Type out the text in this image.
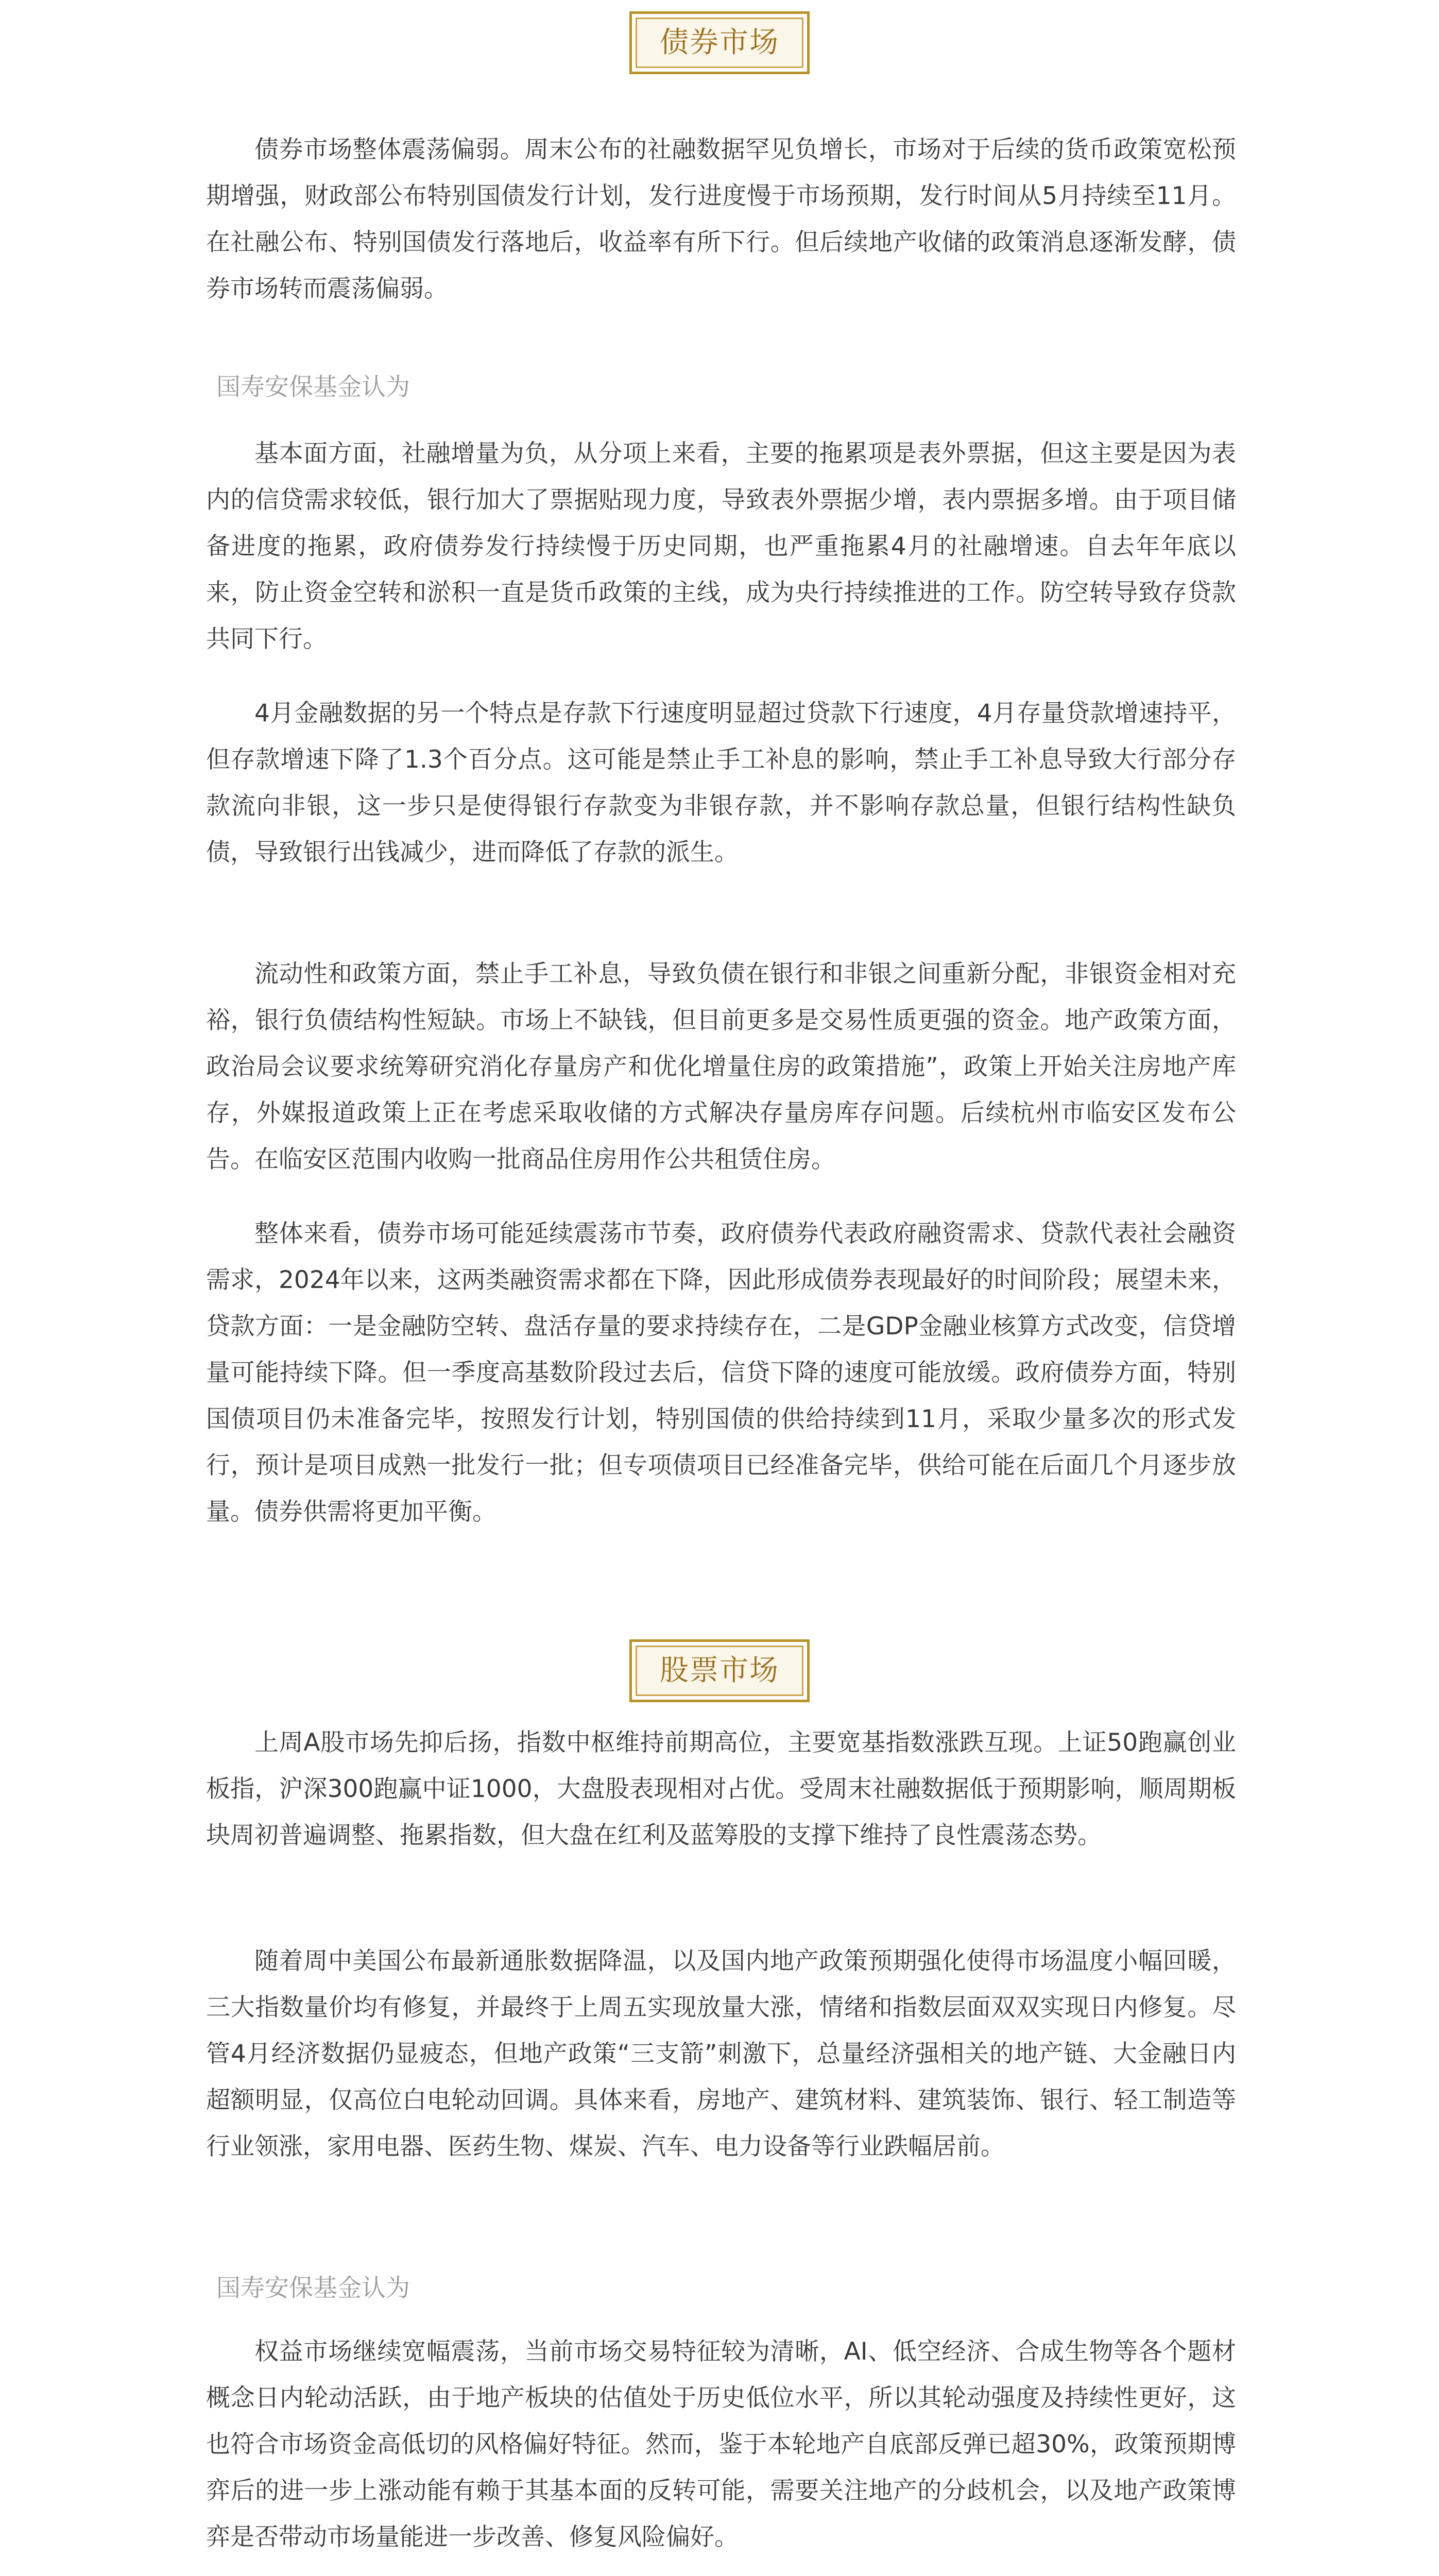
债券市场

债券市场整体震荡偏弱。周末公布的社融数据罕见负增长，市场对于后续的货币政策宽松预期增强，财政部公布特别国债发行计划，发行进度慢于市场预期，发行时间从5月持续至11月。在社融公布、特别国债发行落地后，收益率有所下行。但后续地产收储的政策消息逐渐发酵，债券市场转而震荡偏弱。

国寿安保基金认为

基本面方面，社融增量为负，从分项上来看，主要的拖累项是表外票据，但这主要是因为表内的信贷需求较低，银行加大了票据贴现力度，导致表外票据少增，表内票据多增。由于项目储备进度的拖累，政府债券发行持续慢于历史同期，也严重拖累4月的社融增速。自去年年底以来，防止资金空转和淤积一直是货币政策的主线，成为央行持续推进的工作。防空转导致存贷款共同下行。

4月金融数据的另一个特点是存款下行速度明显超过贷款下行速度，4月存量贷款增速持平，但存款增速下降了1.3个百分点。这可能是禁止手工补息的影响，禁止手工补息导致大行部分存款流向非银，这一步只是使得银行存款变为非银存款，并不影响存款总量，但银行结构性缺负债，导致银行出钱减少，进而降低了存款的派生。

流动性和政策方面，禁止手工补息，导致负债在银行和非银之间重新分配，非银资金相对充裕，银行负债结构性短缺。市场上不缺钱，但目前更多是交易性质更强的资金。地产政策方面，政治局会议要求统筹研究消化存量房产和优化增量住房的政策措施”，政策上开始关注房地产库存，外媒报道政策上正在考虑采取收储的方式解决存量房库存问题。后续杭州市临安区发布公告。在临安区范围内收购一批商品住房用作公共租赁住房。

整体来看，债券市场可能延续震荡市节奏，政府债券代表政府融资需求、贷款代表社会融资需求，2024年以来，这两类融资需求都在下降，因此形成债券表现最好的时间阶段；展望未来，贷款方面：一是金融防空转、盘活存量的要求持续存在，二是GDP金融业核算方式改变，信贷增量可能持续下降。但一季度高基数阶段过去后，信贷下降的速度可能放缓。政府债券方面，特别国债项目仍未准备完毕，按照发行计划，特别国债的供给持续到11月，采取少量多次的形式发行，预计是项目成熟一批发行一批；但专项债项目已经准备完毕，供给可能在后面几个月逐步放量。债券供需将更加平衡。

股票市场

上周A股市场先抑后扬，指数中枢维持前期高位，主要宽基指数涨跌互现。上证50跑赢创业板指，沪深300跑赢中证1000，大盘股表现相对占优。受周末社融数据低于预期影响，顺周期板块周初普遍调整、拖累指数，但大盘在红利及蓝筹股的支撑下维持了良性震荡态势。

随着周中美国公布最新通胀数据降温，以及国内地产政策预期强化使得市场温度小幅回暖，三大指数量价均有修复，并最终于上周五实现放量大涨，情绪和指数层面双双实现日内修复。尽管4月经济数据仍显疲态，但地产政策“三支箭”刺激下，总量经济强相关的地产链、大金融日内超额明显，仅高位白电轮动回调。具体来看，房地产、建筑材料、建筑装饰、银行、轻工制造等行业领涨，家用电器、医药生物、煤炭、汽车、电力设备等行业跌幅居前。

国寿安保基金认为

权益市场继续宽幅震荡，当前市场交易特征较为清晰，AI、低空经济、合成生物等各个题材概念日内轮动活跃，由于地产板块的估值处于历史低位水平，所以其轮动强度及持续性更好，这也符合市场资金高低切的风格偏好特征。然而，鉴于本轮地产自底部反弹已超30%，政策预期博弈后的进一步上涨动能有赖于其基本面的反转可能，需要关注地产的分歧机会，以及地产政策博弈是否带动市场量能进一步改善、修复风险偏好。
